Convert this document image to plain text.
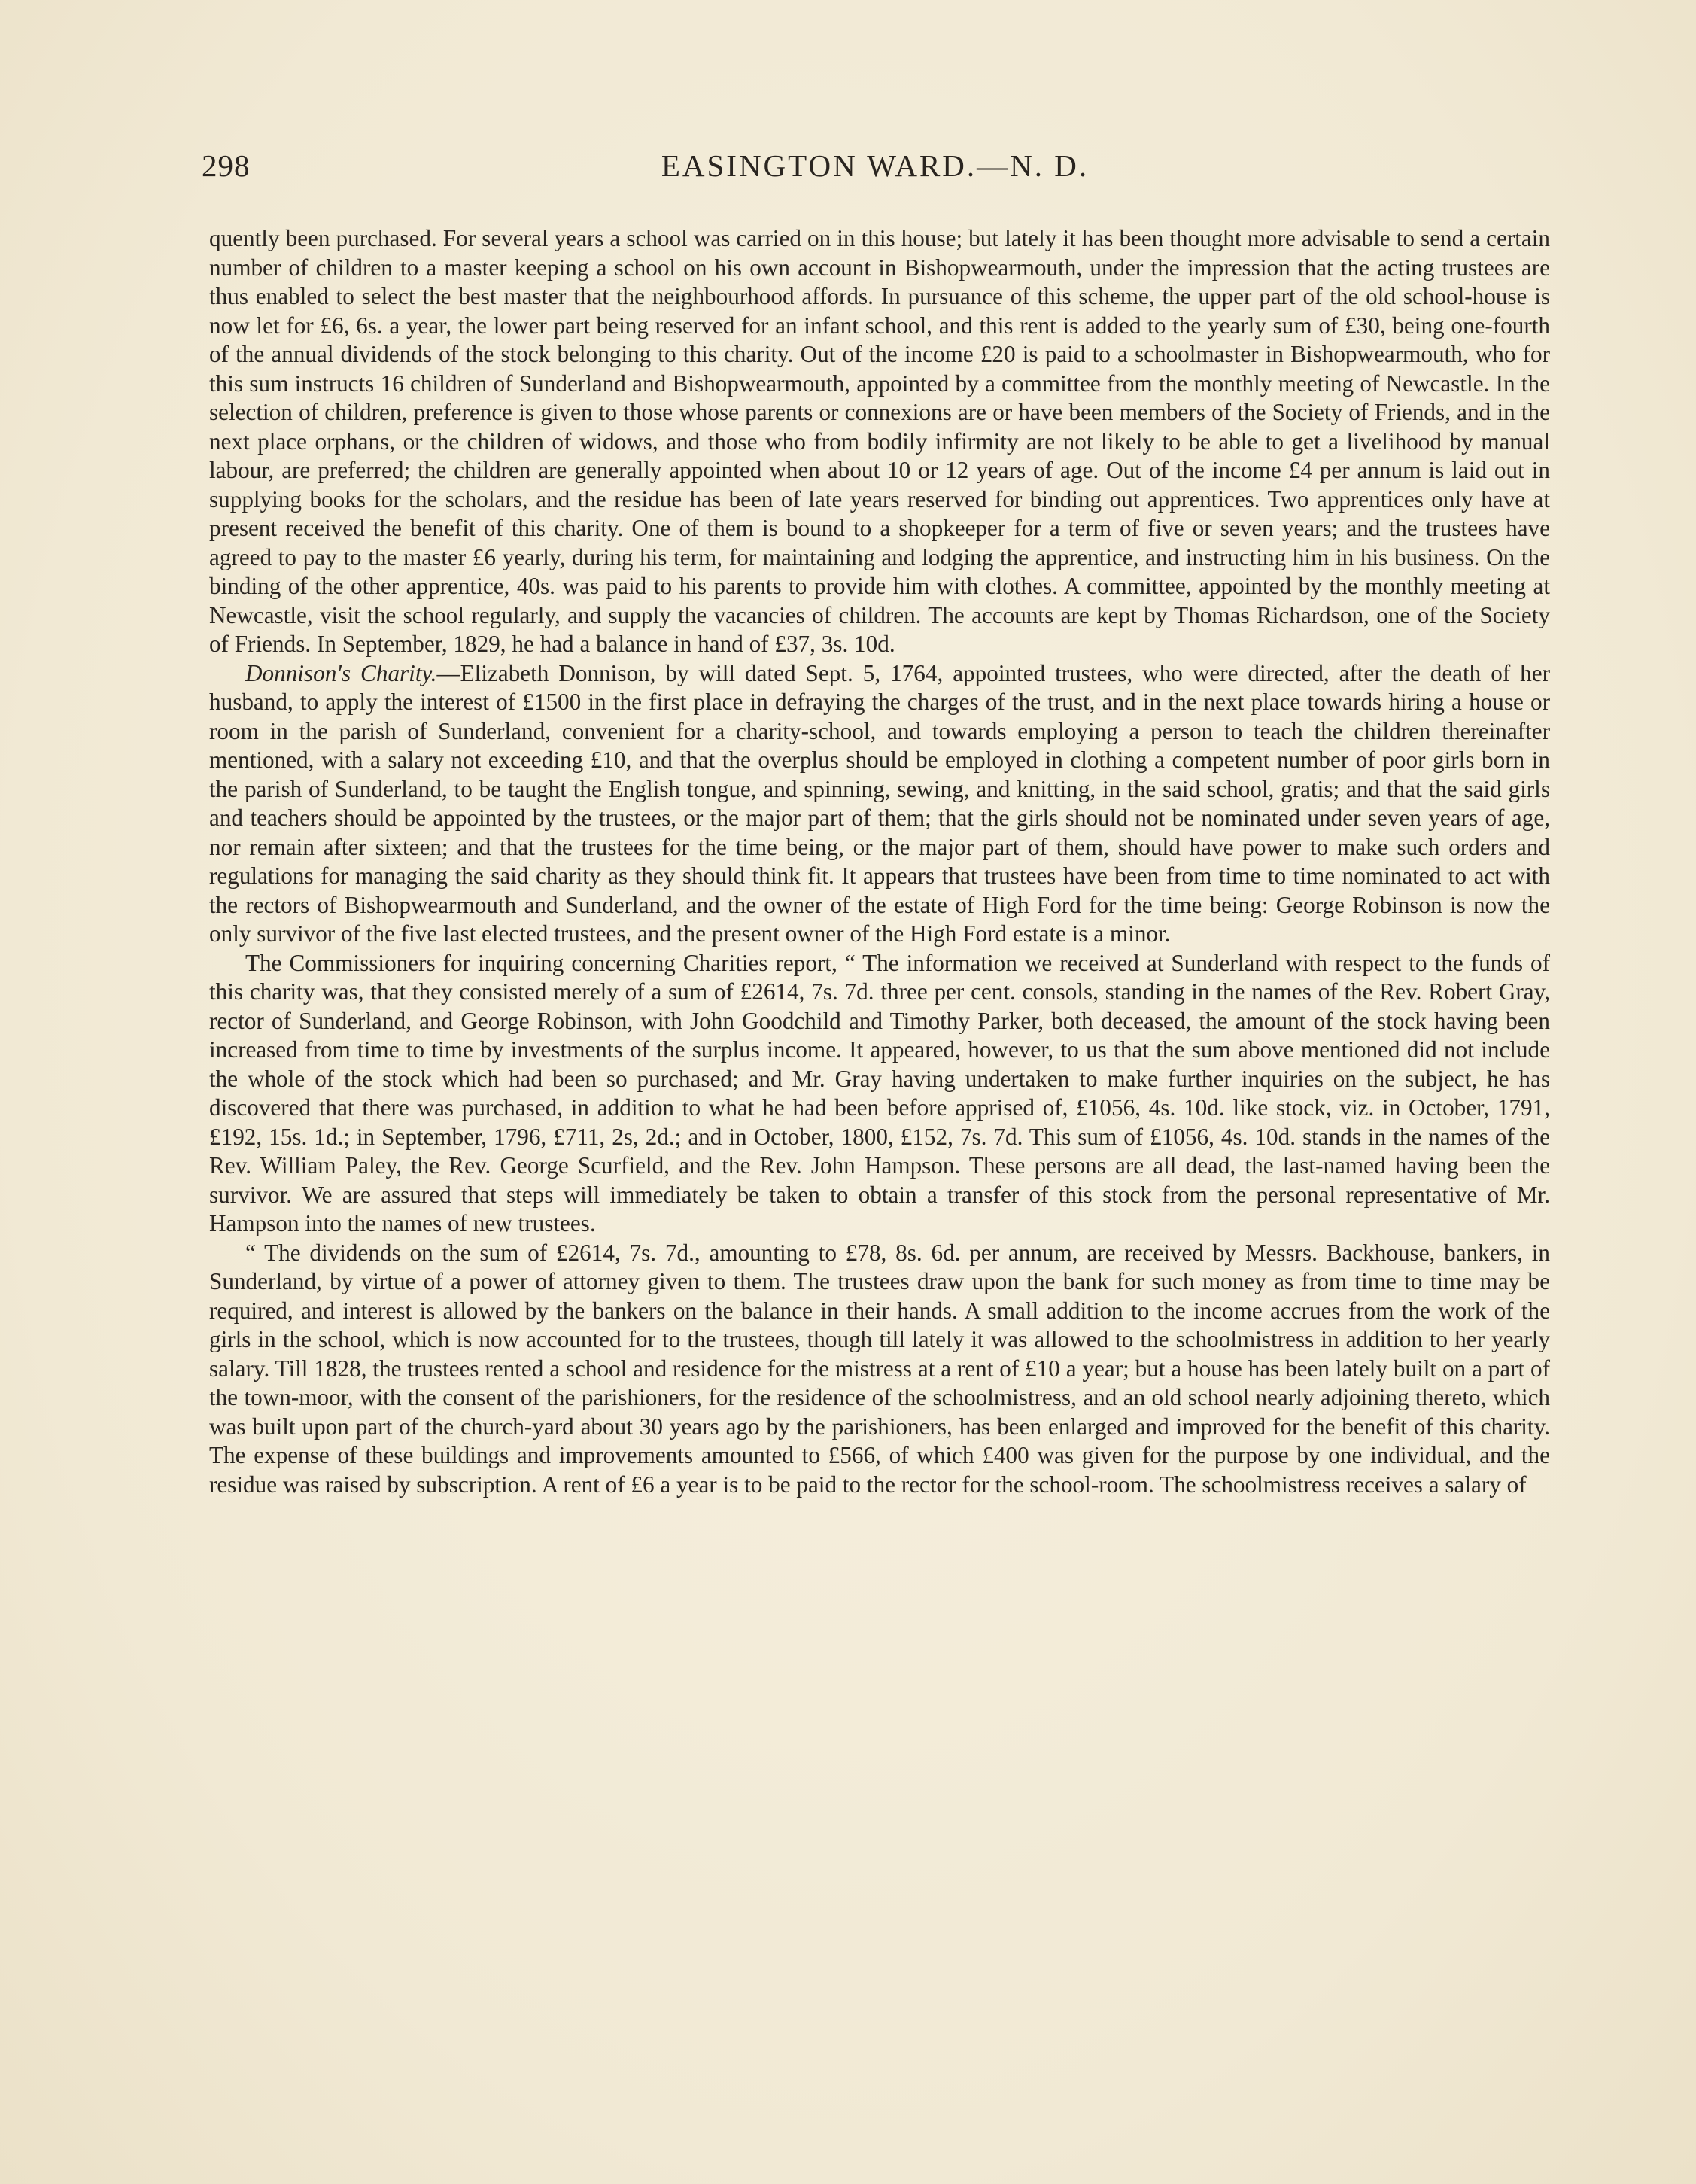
298	EASINGTON WARD.—N. D.

quently been purchased. For several years a school was carried on in this house; but lately it has been thought more advisable to send a certain number of children to a master keeping a school on his own account in Bishopwearmouth, under the impression that the acting trustees are thus enabled to select the best master that the neighbourhood affords. In pursuance of this scheme, the upper part of the old school-house is now let for £6, 6s. a year, the lower part being reserved for an infant school, and this rent is added to the yearly sum of £30, being one-fourth of the annual dividends of the stock belonging to this charity. Out of the income £20 is paid to a schoolmaster in Bishopwearmouth, who for this sum instructs 16 children of Sunderland and Bishopwearmouth, appointed by a committee from the monthly meeting of Newcastle. In the selection of children, preference is given to those whose parents or connexions are or have been members of the Society of Friends, and in the next place orphans, or the children of widows, and those who from bodily infirmity are not likely to be able to get a livelihood by manual labour, are preferred; the children are generally appointed when about 10 or 12 years of age. Out of the income £4 per annum is laid out in supplying books for the scholars, and the residue has been of late years reserved for binding out apprentices. Two apprentices only have at present received the benefit of this charity. One of them is bound to a shopkeeper for a term of five or seven years; and the trustees have agreed to pay to the master £6 yearly, during his term, for maintaining and lodging the apprentice, and instructing him in his business. On the binding of the other apprentice, 40s. was paid to his parents to provide him with clothes. A committee, appointed by the monthly meeting at Newcastle, visit the school regularly, and supply the vacancies of children. The accounts are kept by Thomas Richardson, one of the Society of Friends. In September, 1829, he had a balance in hand of £37, 3s. 10d.

Donnison's Charity.—Elizabeth Donnison, by will dated Sept. 5, 1764, appointed trustees, who were directed, after the death of her husband, to apply the interest of £1500 in the first place in defraying the charges of the trust, and in the next place towards hiring a house or room in the parish of Sunderland, convenient for a charity-school, and towards employing a person to teach the children thereinafter mentioned, with a salary not exceeding £10, and that the overplus should be employed in clothing a competent number of poor girls born in the parish of Sunderland, to be taught the English tongue, and spinning, sewing, and knitting, in the said school, gratis; and that the said girls and teachers should be appointed by the trustees, or the major part of them; that the girls should not be nominated under seven years of age, nor remain after sixteen; and that the trustees for the time being, or the major part of them, should have power to make such orders and regulations for managing the said charity as they should think fit. It appears that trustees have been from time to time nominated to act with the rectors of Bishopwearmouth and Sunderland, and the owner of the estate of High Ford for the time being: George Robinson is now the only survivor of the five last elected trustees, and the present owner of the High Ford estate is a minor.

The Commissioners for inquiring concerning Charities report, “ The information we received at Sunderland with respect to the funds of this charity was, that they consisted merely of a sum of £2614, 7s. 7d. three per cent. consols, standing in the names of the Rev. Robert Gray, rector of Sunderland, and George Robinson, with John Goodchild and Timothy Parker, both deceased, the amount of the stock having been increased from time to time by investments of the surplus income. It appeared, however, to us that the sum above mentioned did not include the whole of the stock which had been so purchased; and Mr. Gray having undertaken to make further inquiries on the subject, he has discovered that there was purchased, in addition to what he had been before apprised of, £1056, 4s. 10d. like stock, viz. in October, 1791, £192, 15s. 1d.; in September, 1796, £711, 2s, 2d.; and in October, 1800, £152, 7s. 7d. This sum of £1056, 4s. 10d. stands in the names of the Rev. William Paley, the Rev. George Scurfield, and the Rev. John Hampson. These persons are all dead, the last-named having been the survivor. We are assured that steps will immediately be taken to obtain a transfer of this stock from the personal representative of Mr. Hampson into the names of new trustees.

“ The dividends on the sum of £2614, 7s. 7d., amounting to £78, 8s. 6d. per annum, are received by Messrs. Backhouse, bankers, in Sunderland, by virtue of a power of attorney given to them. The trustees draw upon the bank for such money as from time to time may be required, and interest is allowed by the bankers on the balance in their hands. A small addition to the income accrues from the work of the girls in the school, which is now accounted for to the trustees, though till lately it was allowed to the schoolmistress in addition to her yearly salary. Till 1828, the trustees rented a school and residence for the mistress at a rent of £10 a year; but a house has been lately built on a part of the town-moor, with the consent of the parishioners, for the residence of the schoolmistress, and an old school nearly adjoining thereto, which was built upon part of the church-yard about 30 years ago by the parishioners, has been enlarged and improved for the benefit of this charity. The expense of these buildings and improvements amounted to £566, of which £400 was given for the purpose by one individual, and the residue was raised by subscription. A rent of £6 a year is to be paid to the rector for the school-room. The schoolmistress receives a salary of
